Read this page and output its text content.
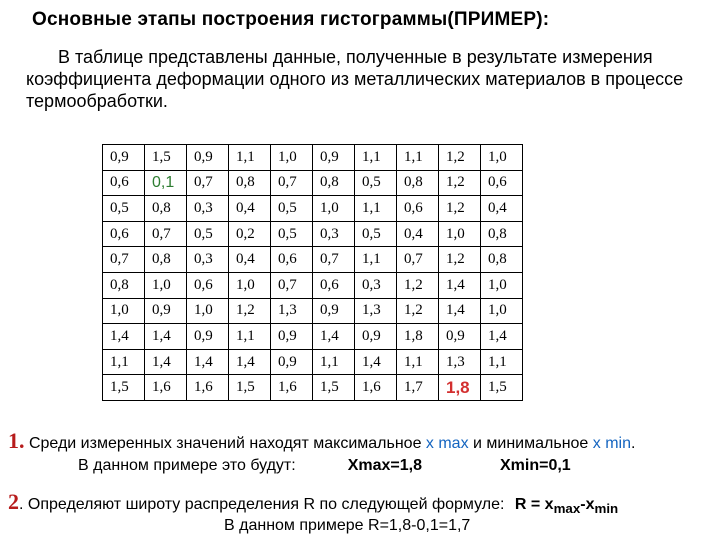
Основные этапы построения гистограммы(ПРИМЕР):
В таблице представлены данные, полученные в результате измерения коэффициента деформации одного из металлических материалов в процессе термообработки.
0,9	1,5	0,9	1,1	1,0	0,9	1,1	1,1	1,2	1,0
0,6	0,1	0,7	0,8	0,7	0,8	0,5	0,8	1,2	0,6
0,5	0,8	0,3	0,4	0,5	1,0	1,1	0,6	1,2	0,4
0,6	0,7	0,5	0,2	0,5	0,3	0,5	0,4	1,0	0,8
0,7	0,8	0,3	0,4	0,6	0,7	1,1	0,7	1,2	0,8
0,8	1,0	0,6	1,0	0,7	0,6	0,3	1,2	1,4	1,0
1,0	0,9	1,0	1,2	1,3	0,9	1,3	1,2	1,4	1,0
1,4	1,4	0,9	1,1	0,9	1,4	0,9	1,8	0,9	1,4
1,1	1,4	1,4	1,4	0,9	1,1	1,4	1,1	1,3	1,1
1,5	1,6	1,6	1,5	1,6	1,5	1,6	1,7	1,8	1,5
1. Среди измеренных значений находят максимальное x max и минимальное x min.
В данном примере это будут:	Xmax=1,8	Xmin=0,1
2. Определяют широту распределения R по следующей формуле: $R = x_{max}-x_{min}$
В данном примере R=1,8-0,1=1,7
